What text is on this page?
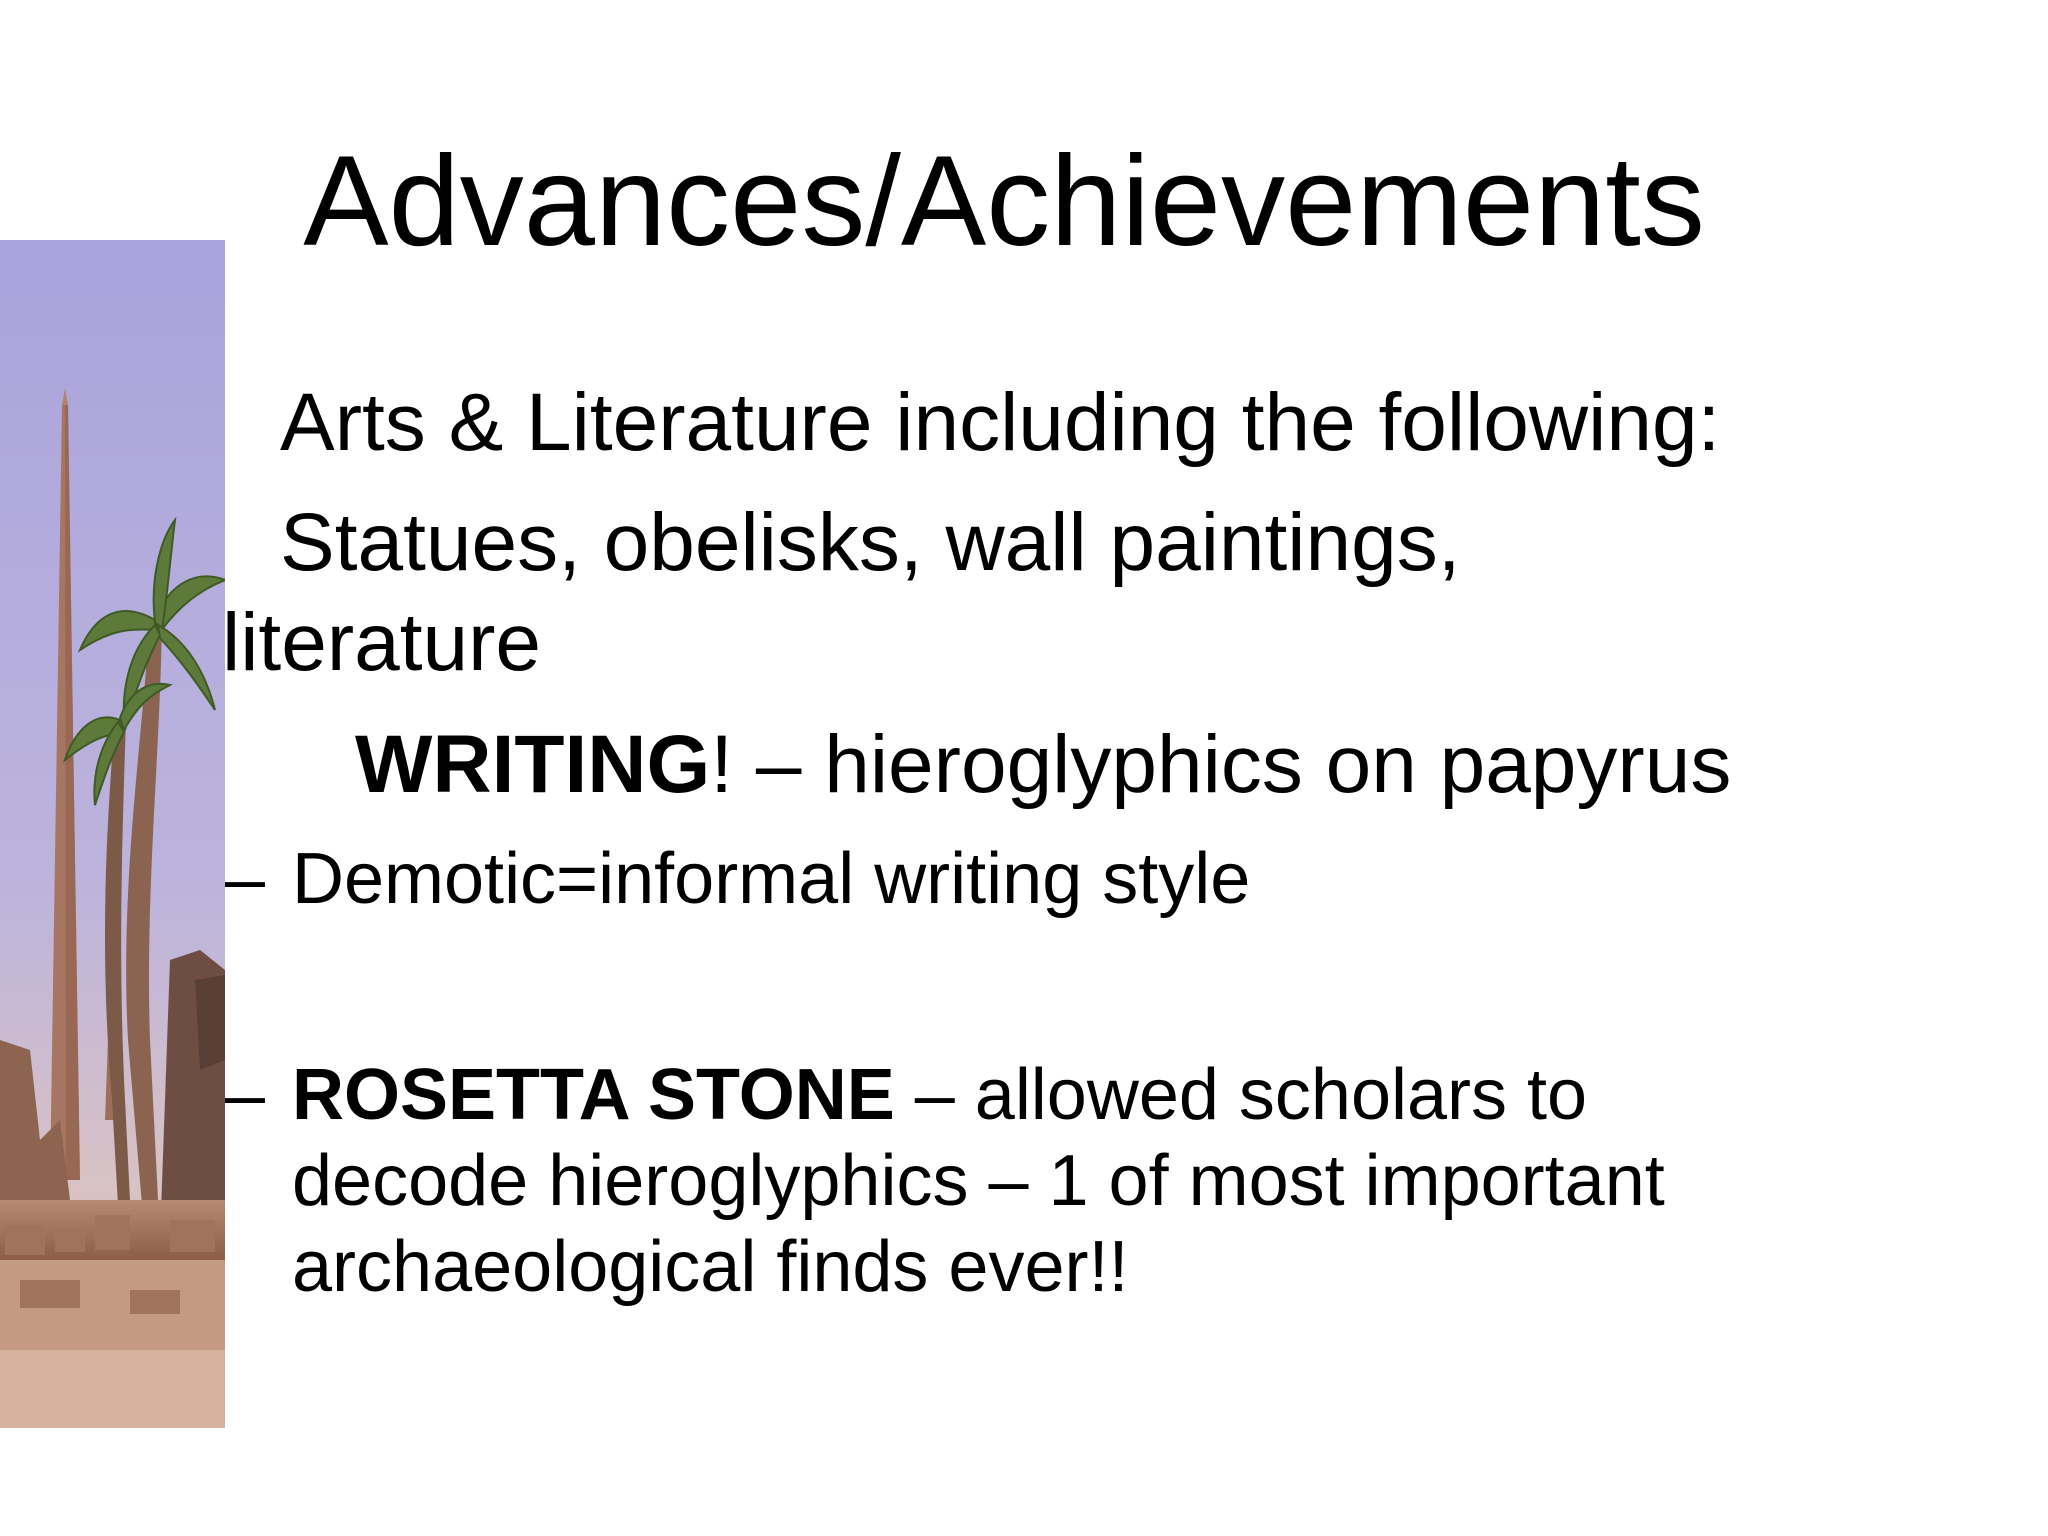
Advances/Achievements
Arts & Literature including the following:
Statues, obelisks, wall paintings,
literature
WRITING! – hieroglyphics on papyrus
– Demotic=informal writing style
– ROSETTA STONE – allowed scholars to
decode hieroglyphics – 1 of most important
archaeological finds ever!!
